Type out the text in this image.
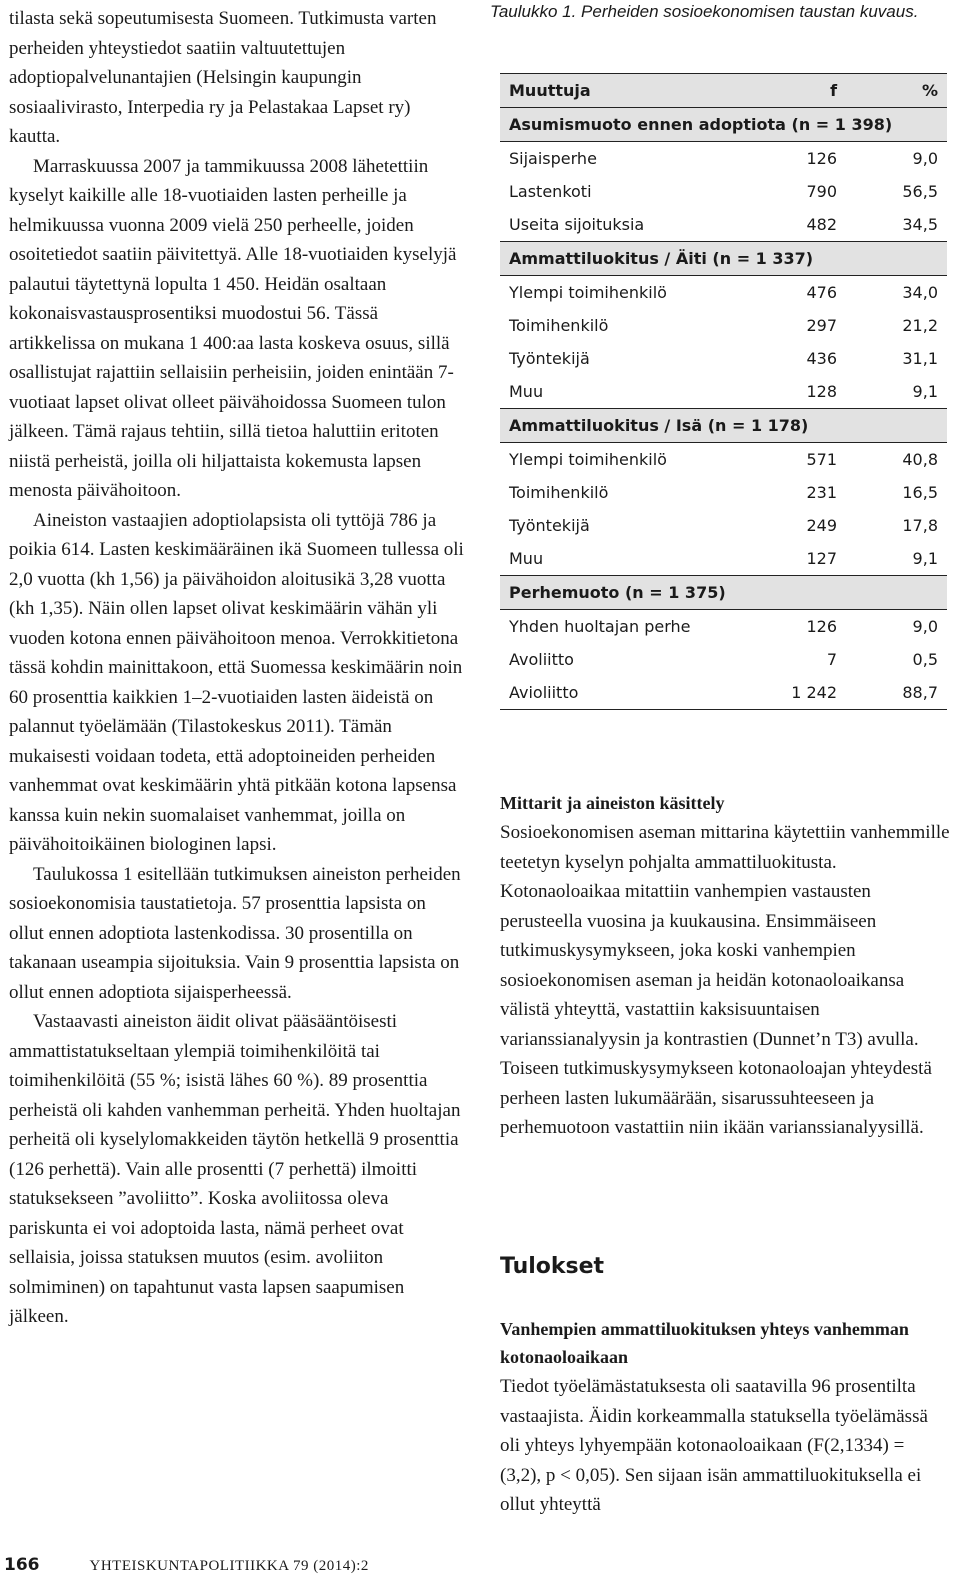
tilasta sekä sopeutumisesta Suomeen. Tutkimusta varten perheiden yhteystiedot saatiin valtuutettujen adoptiopalvelunantajien (Helsingin kaupungin sosiaalivirasto, Interpedia ry ja Pelastakaa Lapset ry) kautta.

Marraskuussa 2007 ja tammikuussa 2008 lähetettiin kyselyt kaikille alle 18-vuotiaiden lasten perheille ja helmikuussa vuonna 2009 vielä 250 perheelle, joiden osoitetiedot saatiin päivitettyä. Alle 18-vuotiaiden kyselyjä palautui täytettynä lopulta 1 450. Heidän osaltaan kokonaisvastausprosentiksi muodostui 56. Tässä artikkelissa on mukana 1 400:aa lasta koskeva osuus, sillä osallistujat rajattiin sellaisiin perheisiin, joiden enintään 7-vuotiaat lapset olivat olleet päivähoidossa Suomeen tulon jälkeen. Tämä rajaus tehtiin, sillä tietoa haluttiin eritoten niistä perheistä, joilla oli hiljattaista kokemusta lapsen menosta päivähoitoon.

Aineiston vastaajien adoptiolapsista oli tyttöjä 786 ja poikia 614. Lasten keskimääräinen ikä Suomeen tullessa oli 2,0 vuotta (kh 1,56) ja päivähoidon aloitusikä 3,28 vuotta (kh 1,35). Näin ollen lapset olivat keskimäärin vähän yli vuoden kotona ennen päivähoitoon menoa. Verrokkitietona tässä kohdin mainittakoon, että Suomessa keskimäärin noin 60 prosenttia kaikkien 1–2-vuotiaiden lasten äideistä on palannut työelämään (Tilastokeskus 2011). Tämän mukaisesti voidaan todeta, että adoptoineiden perheiden vanhemmat ovat keskimäärin yhtä pitkään kotona lapsensa kanssa kuin nekin suomalaiset vanhemmat, joilla on päivähoitoikäinen biologinen lapsi.

Taulukossa 1 esitellään tutkimuksen aineiston perheiden sosioekonomisia taustatietoja. 57 prosenttia lapsista on ollut ennen adoptiota lastenkodissa. 30 prosentilla on takanaan useampia sijoituksia. Vain 9 prosenttia lapsista on ollut ennen adoptiota sijaisperheessä.

Vastaavasti aineiston äidit olivat pääsääntöisesti ammattistatukseltaan ylempiä toimihenkilöitä tai toimihenkilöitä (55 %; isistä lähes 60 %). 89 prosenttia perheistä oli kahden vanhemman perheitä. Yhden huoltajan perheitä oli kyselylomakkeiden täytön hetkellä 9 prosenttia (126 perhettä). Vain alle prosentti (7 perhettä) ilmoitti statuksekseen ”avoliitto”. Koska avoliitossa oleva pariskunta ei voi adoptoida lasta, nämä perheet ovat sellaisia, joissa statuksen muutos (esim. avoliiton solmiminen) on tapahtunut vasta lapsen saapumisen jälkeen.

Taulukko 1. Perheiden sosioekonomisen taustan kuvaus.
Muuttuja	f	%
Asumismuoto ennen adoptiota (n = 1 398)		
Sijaisperhe	126	9,0
Lastenkoti	790	56,5
Useita sijoituksia	482	34,5
Ammattiluokitus / Äiti (n = 1 337)		
Ylempi toimihenkilö	476	34,0
Toimihenkilö	297	21,2
Työntekijä	436	31,1
Muu	128	9,1
Ammattiluokitus / Isä (n = 1 178)		
Ylempi toimihenkilö	571	40,8
Toimihenkilö	231	16,5
Työntekijä	249	17,8
Muu	127	9,1
Perhemuoto (n = 1 375)		
Yhden huoltajan perhe	126	9,0
Avoliitto	7	0,5
Avioliitto	1 242	88,7
Mittarit ja aineiston käsittely

Sosioekonomisen aseman mittarina käytettiin vanhemmille teetetyn kyselyn pohjalta ammattiluokitusta. Kotonaoloaikaa mitattiin vanhempien vastausten perusteella vuosina ja kuukausina. Ensimmäiseen tutkimuskysymykseen, joka koski vanhempien sosioekonomisen aseman ja heidän kotonaoloaikansa välistä yhteyttä, vastattiin kaksisuuntaisen varianssianalyysin ja kontrastien (Dunnet’n T3) avulla. Toiseen tutkimuskysymykseen kotonaoloajan yhteydestä perheen lasten lukumäärään, sisarussuhteeseen ja perhemuotoon vastattiin niin ikään varianssianalyysillä.

Tulokset
Vanhempien ammattiluokituksen yhteys vanhemman kotonaoloaikaan

Tiedot työelämästatuksesta oli saatavilla 96 prosentilta vastaajista. Äidin korkeammalla statuksella työelämässä oli yhteys lyhyempään kotonaoloaikaan (F(2,1334) = (3,2), p < 0,05). Sen sijaan isän ammattiluokituksella ei ollut yhteyttä

166	YHTEISKUNTAPOLITIIKKA 79 (2014):2
